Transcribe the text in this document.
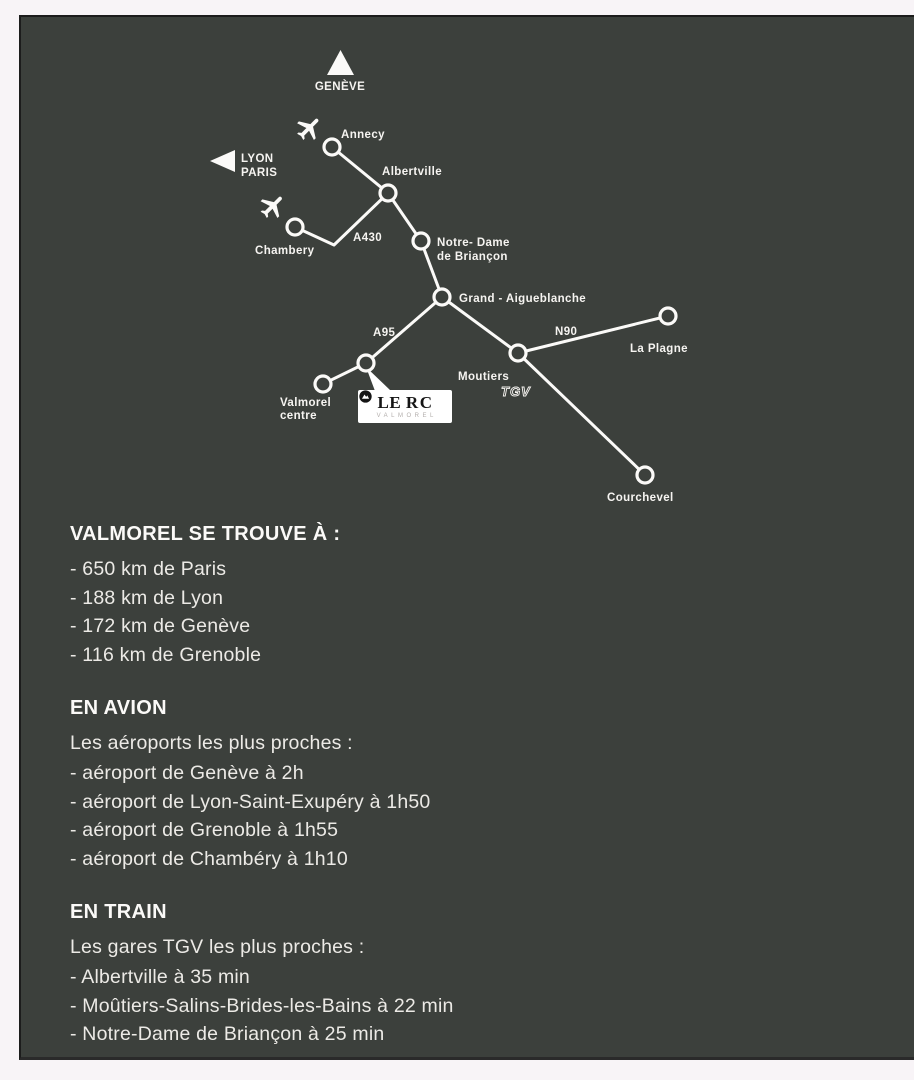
GENÈVE
LYON
PARIS
Annecy
Albertville
Chambery
A430	Notre- Dame
de Briançon
Grand - Aigueblanche
A95	N90
La Plagne
Moutiers
TGV
Valmorel
centre
Courchevel
LE R C
VALMOREL
VALMOREL SE TROUVE À :
- 650 km de Paris
- 188 km de Lyon
- 172 km de Genève
- 116 km de Grenoble
EN AVION

Les aéroports les plus proches :

- aéroport de Genève à 2h
- aéroport de Lyon-Saint-Exupéry à 1h50
- aéroport de Grenoble à 1h55
- aéroport de Chambéry à 1h10
EN TRAIN

Les gares TGV les plus proches :

- Albertville à 35 min
- Moûtiers-Salins-Brides-les-Bains à 22 min
- Notre-Dame de Briançon à 25 min
